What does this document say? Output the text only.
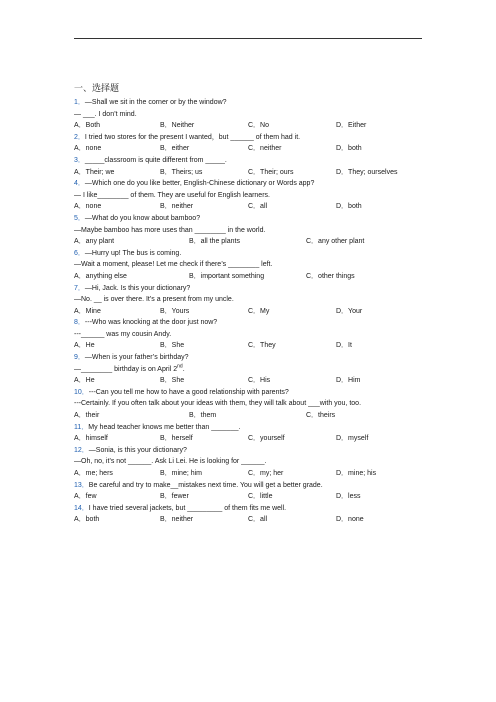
一、选择题
1．—Shall we sit in the corner or by the window?
— ___. I don’t mind.
A．Both	B．Neither	C．No	D．Either
2．I tried two stores for the present I wanted，but ______ of them had it.
A．none	B．either	C．neither	D．both
3．_____classroom is quite different from _____.
A．Their; we	B．Theirs; us	C．Their; ours	D．They; ourselves
4．—Which one do you like better, English-Chinese dictionary or Words app?
— I like________ of them. They are useful for English learners.
A．none	B．neither	C．all	D．both
5．—What do you know about bamboo?
—Maybe bamboo has more uses than ________ in the world.
A．any plant	B．all the plants	C．any other plant
6．—Hurry up! The bus is coming.
—Wait a moment, please! Let me check if there’s ________ left.
A．anything else	B．important something	C．other things
7．—Hi, Jack. Is this your dictionary?
—No. __ is over there. It’s a present from my uncle.
A．Mine	B．Yours	C．My	D．Your
8．---Who was knocking at the door just now?
---______ was my cousin Andy.
A．He	B．She	C．They	D．It
9．—When is your father’s birthday?
—________ birthday is on April 2nd.
A．He	B．She	C．His	D．Him
10．---Can you tell me how to have a good relationship with parents?
---Certainly. If you often talk about your ideas with them, they will talk about ___with you, too.
A．their	B．them	C．theirs
11．My head teacher knows me better than _______.
A．himself	B．herself	C．yourself	D．myself
12．—Sonia, is this your dictionary?
—Oh, no, it’s not ______. Ask Li Lei. He is looking for ______.
A．me; hers	B．mine; him	C．my; her	D．mine; his
13．Be careful and try to make__mistakes next time. You will get a better grade.
A．few	B．fewer	C．little	D．less
14．I have tried several jackets, but _________ of them fits me well.
A．both	B．neither	C．all	D．none
